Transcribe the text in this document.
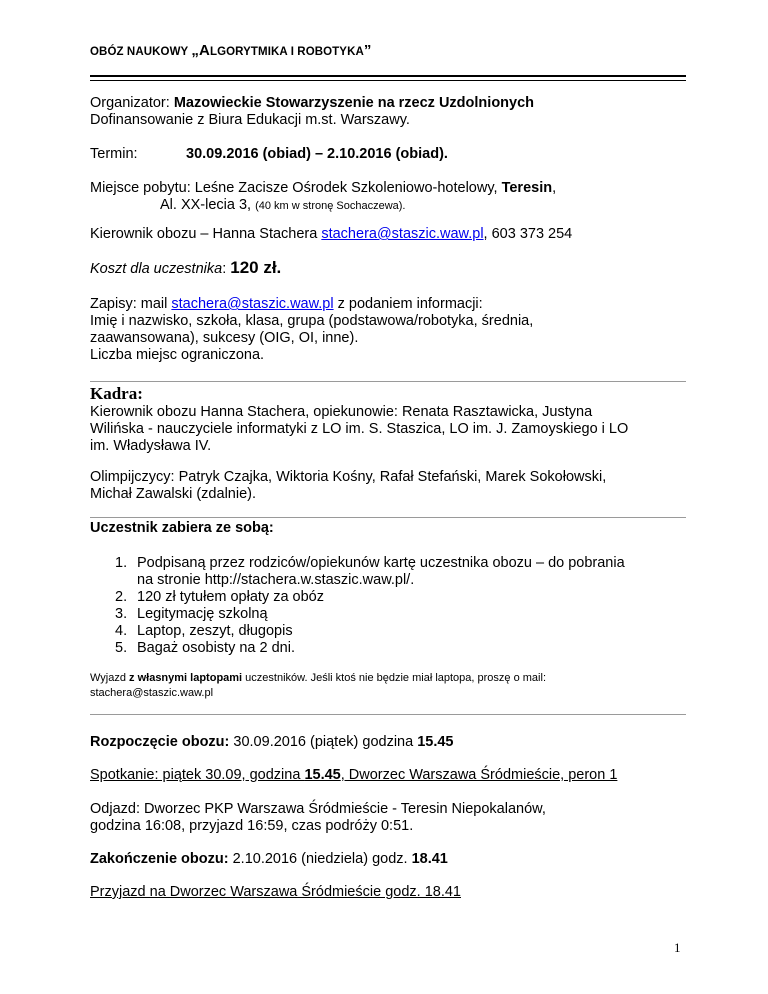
OBÓZ NAUKOWY „ALGORYTMIKA I ROBOTYKA”
Organizator: Mazowieckie Stowarzyszenie na rzecz Uzdolnionych
Dofinansowanie z Biura Edukacji m.st. Warszawy.
Termin:	30.09.2016 (obiad) – 2.10.2016 (obiad).
Miejsce pobytu: Leśne Zacisze Ośrodek Szkoleniowo-hotelowy, Teresin,
Al. XX-lecia 3, (40 km w stronę Sochaczewa).
Kierownik obozu – Hanna Stachera stachera@staszic.waw.pl, 603 373 254
Koszt dla uczestnika: 120 zł.
Zapisy: mail stachera@staszic.waw.pl z podaniem informacji:
Imię i nazwisko, szkoła, klasa, grupa (podstawowa/robotyka, średnia,
zaawansowana), sukcesy (OIG, OI, inne).
Liczba miejsc ograniczona.
Kadra:
Kierownik obozu Hanna Stachera, opiekunowie: Renata Rasztawicka, Justyna
Wilińska - nauczyciele informatyki z LO im. S. Staszica, LO im. J. Zamoyskiego i LO
im. Władysława IV.
Olimpijczycy: Patryk Czajka, Wiktoria Kośny, Rafał Stefański, Marek Sokołowski,
Michał Zawalski (zdalnie).
Uczestnik zabiera ze sobą:
1. Podpisaną przez rodziców/opiekunów kartę uczestnika obozu – do pobrania
na stronie http://stachera.w.staszic.waw.pl/.
2. 120 zł tytułem opłaty za obóz
3. Legitymację szkolną
4. Laptop, zeszyt, długopis
5. Bagaż osobisty na 2 dni.
Wyjazd z własnymi laptopami uczestników. Jeśli ktoś nie będzie miał laptopa, proszę o mail:
stachera@staszic.waw.pl
Rozpoczęcie obozu: 30.09.2016 (piątek) godzina 15.45
Spotkanie: piątek 30.09, godzina 15.45, Dworzec Warszawa Śródmieście, peron 1
Odjazd: Dworzec PKP Warszawa Śródmieście - Teresin Niepokalanów,
godzina 16:08, przyjazd 16:59, czas podróży 0:51.
Zakończenie obozu: 2.10.2016 (niedziela) godz. 18.41
Przyjazd na Dworzec Warszawa Śródmieście godz. 18.41
1
